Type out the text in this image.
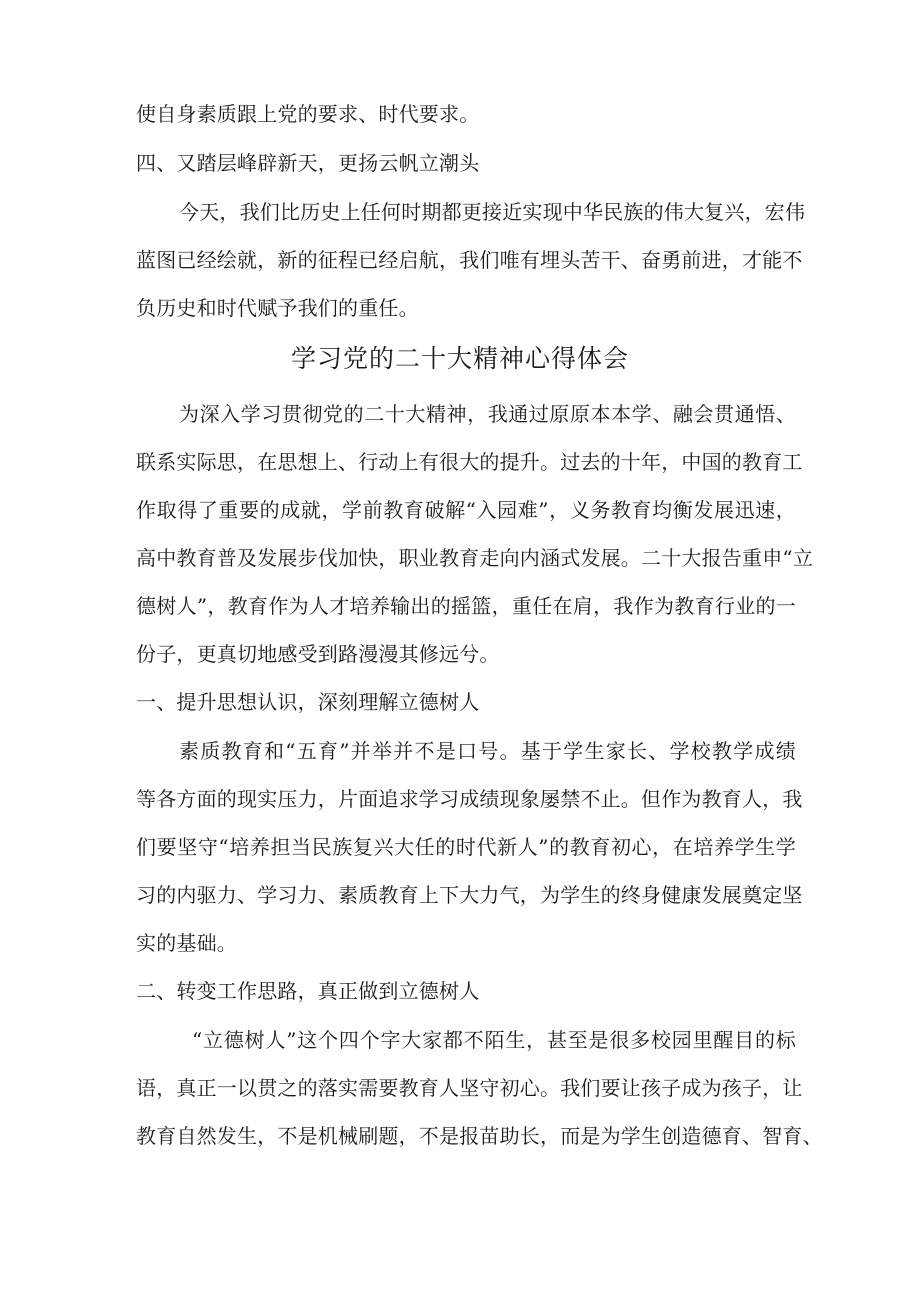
使自身素质跟上党的要求、时代要求。
四、又踏层峰辟新天，更扬云帆立潮头
今天，我们比历史上任何时期都更接近实现中华民族的伟大复兴，宏伟
蓝图已经绘就，新的征程已经启航，我们唯有埋头苦干、奋勇前进，才能不
负历史和时代赋予我们的重任。
学习党的二十大精神心得体会
为深入学习贯彻党的二十大精神，我通过原原本本学、融会贯通悟、
联系实际思，在思想上、行动上有很大的提升。过去的十年，中国的教育工
作取得了重要的成就，学前教育破解“入园难”，义务教育均衡发展迅速，
高中教育普及发展步伐加快，职业教育走向内涵式发展。二十大报告重申“立
德树人”，教育作为人才培养输出的摇篮，重任在肩，我作为教育行业的一
份子，更真切地感受到路漫漫其修远兮。
一、提升思想认识，深刻理解立德树人
素质教育和“五育”并举并不是口号。基于学生家长、学校教学成绩
等各方面的现实压力，片面追求学习成绩现象屡禁不止。但作为教育人，我
们要坚守“培养担当民族复兴大任的时代新人”的教育初心，在培养学生学
习的内驱力、学习力、素质教育上下大力气，为学生的终身健康发展奠定坚
实的基础。
二、转变工作思路，真正做到立德树人
“立德树人”这个四个字大家都不陌生，甚至是很多校园里醒目的标
语，真正一以贯之的落实需要教育人坚守初心。我们要让孩子成为孩子，让
教育自然发生，不是机械刷题，不是报苗助长，而是为学生创造德育、智育、
